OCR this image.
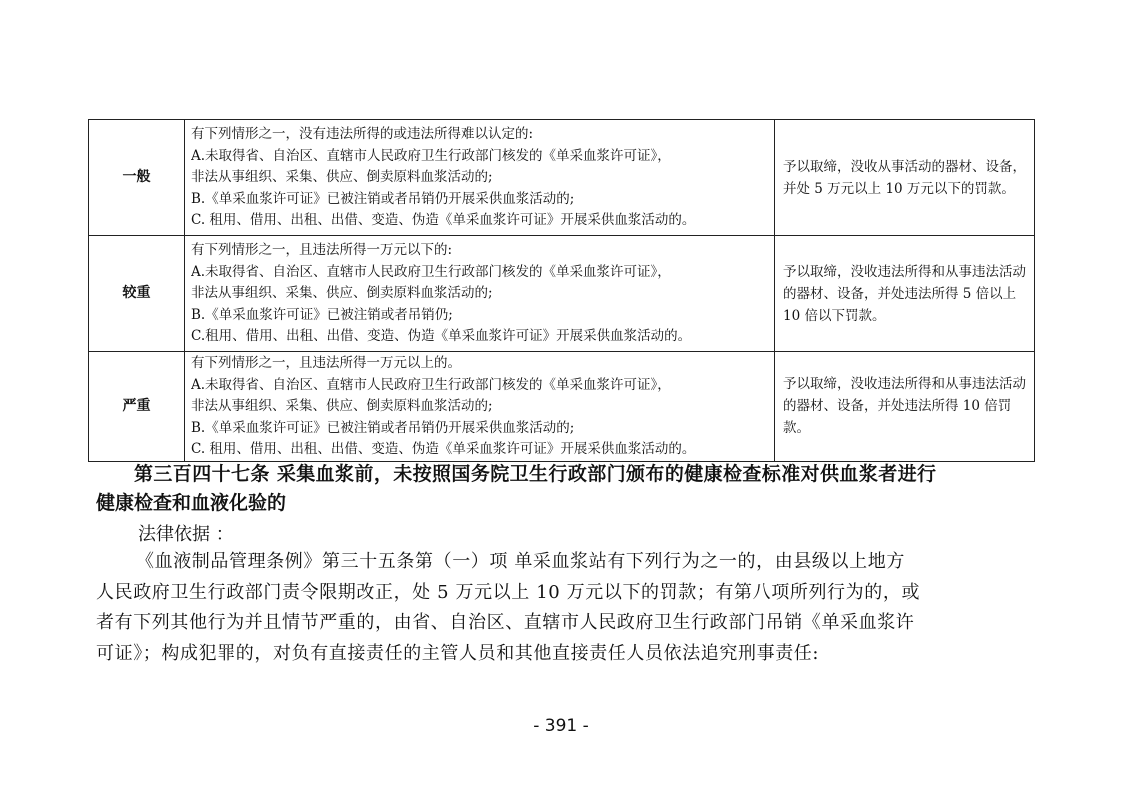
一般	有下列情形之一，没有违法所得的或违法所得难以认定的:
A.未取得省、自治区、直辖市人民政府卫生行政部门核发的《单采血浆许可证》，
非法从事组织、采集、供应、倒卖原料血浆活动的;
B.《单采血浆许可证》已被注销或者吊销仍开展采供血浆活动的;
C. 租用、借用、出租、出借、变造、伪造《单采血浆许可证》开展采供血浆活动的。	予以取缔，没收从事活动的器材、设备，并处 5 万元以上 10 万元以下的罚款。
较重	有下列情形之一，且违法所得一万元以下的:
A.未取得省、自治区、直辖市人民政府卫生行政部门核发的《单采血浆许可证》，
非法从事组织、采集、供应、倒卖原料血浆活动的;
B.《单采血浆许可证》已被注销或者吊销仍;
C.租用、借用、出租、出借、变造、伪造《单采血浆许可证》开展采供血浆活动的。	予以取缔，没收违法所得和从事违法活动的器材、设备，并处违法所得 5 倍以上 10 倍以下罚款。
严重	有下列情形之一，且违法所得一万元以上的。
A.未取得省、自治区、直辖市人民政府卫生行政部门核发的《单采血浆许可证》，
非法从事组织、采集、供应、倒卖原料血浆活动的;
B.《单采血浆许可证》已被注销或者吊销仍开展采供血浆活动的;
C. 租用、借用、出租、出借、变造、伪造《单采血浆许可证》开展采供血浆活动的。	予以取缔，没收违法所得和从事违法活动的器材、设备，并处违法所得 10 倍罚款。
第三百四十七条 采集血浆前，未按照国务院卫生行政部门颁布的健康检查标准对供血浆者进行
健康检查和血液化验的
法律依据 ：
《血液制品管理条例》第三十五条第（一）项 单采血浆站有下列行为之一的，由县级以上地方
人民政府卫生行政部门责令限期改正，处 5 万元以上 10 万元以下的罚款；有第八项所列行为的，或
者有下列其他行为并且情节严重的，由省、自治区、直辖市人民政府卫生行政部门吊销《单采血浆许
可证》；构成犯罪的，对负有直接责任的主管人员和其他直接责任人员依法追究刑事责任:
- 391 -
